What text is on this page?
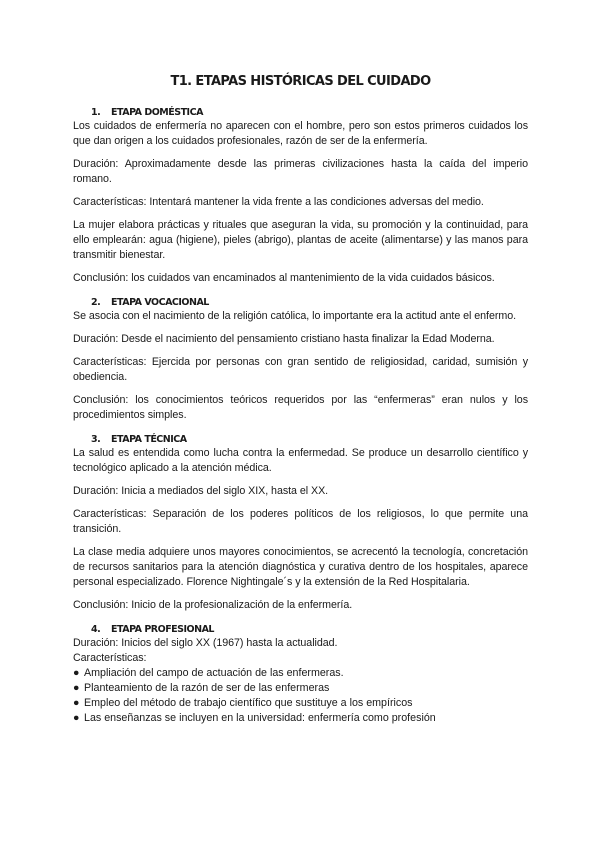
T1. ETAPAS HISTÓRICAS DEL CUIDADO
1.	ETAPA DOMÉSTICA

Los cuidados de enfermería no aparecen con el hombre, pero son estos primeros cuidados los que dan origen a los cuidados profesionales, razón de ser de la enfermería.

Duración: Aproximadamente desde las primeras civilizaciones hasta la caída del imperio romano.

Características: Intentará mantener la vida frente a las condiciones adversas del medio.

La mujer elabora prácticas y rituales que aseguran la vida, su promoción y la continuidad, para ello emplearán: agua (higiene), pieles (abrigo), plantas de aceite (alimentarse) y las manos para transmitir bienestar.

Conclusión: los cuidados van encaminados al mantenimiento de la vida cuidados básicos.

2.	ETAPA VOCACIONAL

Se asocia con el nacimiento de la religión católica, lo importante era la actitud ante el enfermo.

Duración: Desde el nacimiento del pensamiento cristiano hasta finalizar la Edad Moderna.

Características: Ejercida por personas con gran sentido de religiosidad, caridad, sumisión y obediencia.

Conclusión: los conocimientos teóricos requeridos por las “enfermeras” eran nulos y los procedimientos simples.

3.	ETAPA TÉCNICA

La salud es entendida como lucha contra la enfermedad. Se produce un desarrollo científico y tecnológico aplicado a la atención médica.

Duración: Inicia a mediados del siglo XIX, hasta el XX.

Características: Separación de los poderes políticos de los religiosos, lo que permite una transición.

La clase media adquiere unos mayores conocimientos, se acrecentó la tecnología, concretación de recursos sanitarios para la atención diagnóstica y curativa dentro de los hospitales, aparece personal especializado. Florence Nightingale´s y la extensión de la Red Hospitalaria.

Conclusión: Inicio de la profesionalización de la enfermería.

4.	ETAPA PROFESIONAL

Duración: Inicios del siglo XX (1967) hasta la actualidad.

Características:

● Ampliación del campo de actuación de las enfermeras.
● Planteamiento de la razón de ser de las enfermeras
● Empleo del método de trabajo científico que sustituye a los empíricos
● Las enseñanzas se incluyen en la universidad: enfermería como profesión
